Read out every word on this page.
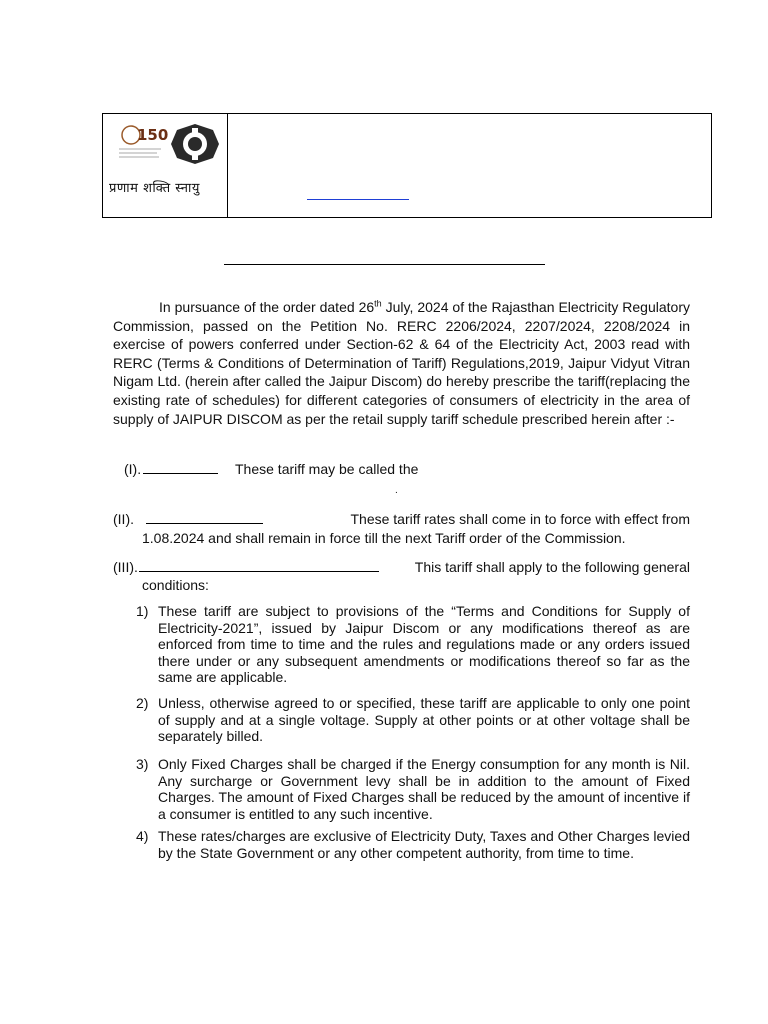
150
प्रणाम शक्ति स्नायु

In pursuance of the order dated 26th July, 2024 of the Rajasthan Electricity Regulatory Commission, passed on the Petition No. RERC 2206/2024, 2207/2024, 2208/2024 in exercise of powers conferred under Section-62 & 64 of the Electricity Act, 2003 read with RERC (Terms & Conditions of Determination of Tariff) Regulations,2019, Jaipur Vidyut Vitran Nigam Ltd. (herein after called the Jaipur Discom) do hereby prescribe the tariff(replacing the existing rate of schedules) for different categories of consumers of electricity in the area of supply of JAIPUR DISCOM as per the retail supply tariff schedule prescribed herein after :-

(I).	These tariff may be called the
.
(II).	These tariff rates shall come in to force with effect from
1.08.2024 and shall remain in force till the next Tariff order of the Commission.
(III).	This tariff shall apply to the following general
conditions:
1) These tariff are subject to provisions of the “Terms and Conditions for Supply of Electricity-2021”, issued by Jaipur Discom or any modifications thereof as are enforced from time to time and the rules and regulations made or any orders issued there under or any subsequent amendments or modifications thereof so far as the same are applicable.

2) Unless, otherwise agreed to or specified, these tariff are applicable to only one point of supply and at a single voltage. Supply at other points or at other voltage shall be separately billed.

3) Only Fixed Charges shall be charged if the Energy consumption for any month is Nil. Any surcharge or Government levy shall be in addition to the amount of Fixed Charges. The amount of Fixed Charges shall be reduced by the amount of incentive if a consumer is entitled to any such incentive.

4) These rates/charges are exclusive of Electricity Duty, Taxes and Other Charges levied by the State Government or any other competent authority, from time to time.
